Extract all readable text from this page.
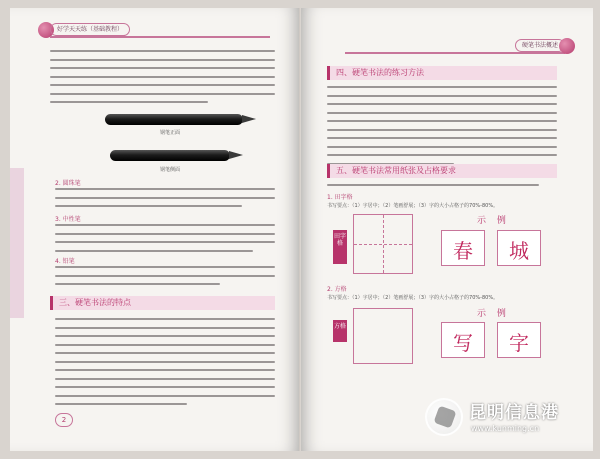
好学天天练（基础教程）
钢笔正面
钢笔侧面
2. 圆珠笔
3. 中性笔
4. 铅笔
三、硬笔书法的特点
2
硬笔书法概述
四、硬笔书法的练习方法
五、硬笔书法常用纸张及占格要求
1. 田字格
书写要点：（1）字居中；（2）笔画舒展；（3）字的大小占格子的70%-80%。
田字格
示 例
春	城
2. 方格
书写要点：（1）字居中；（2）笔画舒展；（3）字的大小占格子的70%-80%。
方格
示 例
写	字
昆明信息港
www.kunming.cn
